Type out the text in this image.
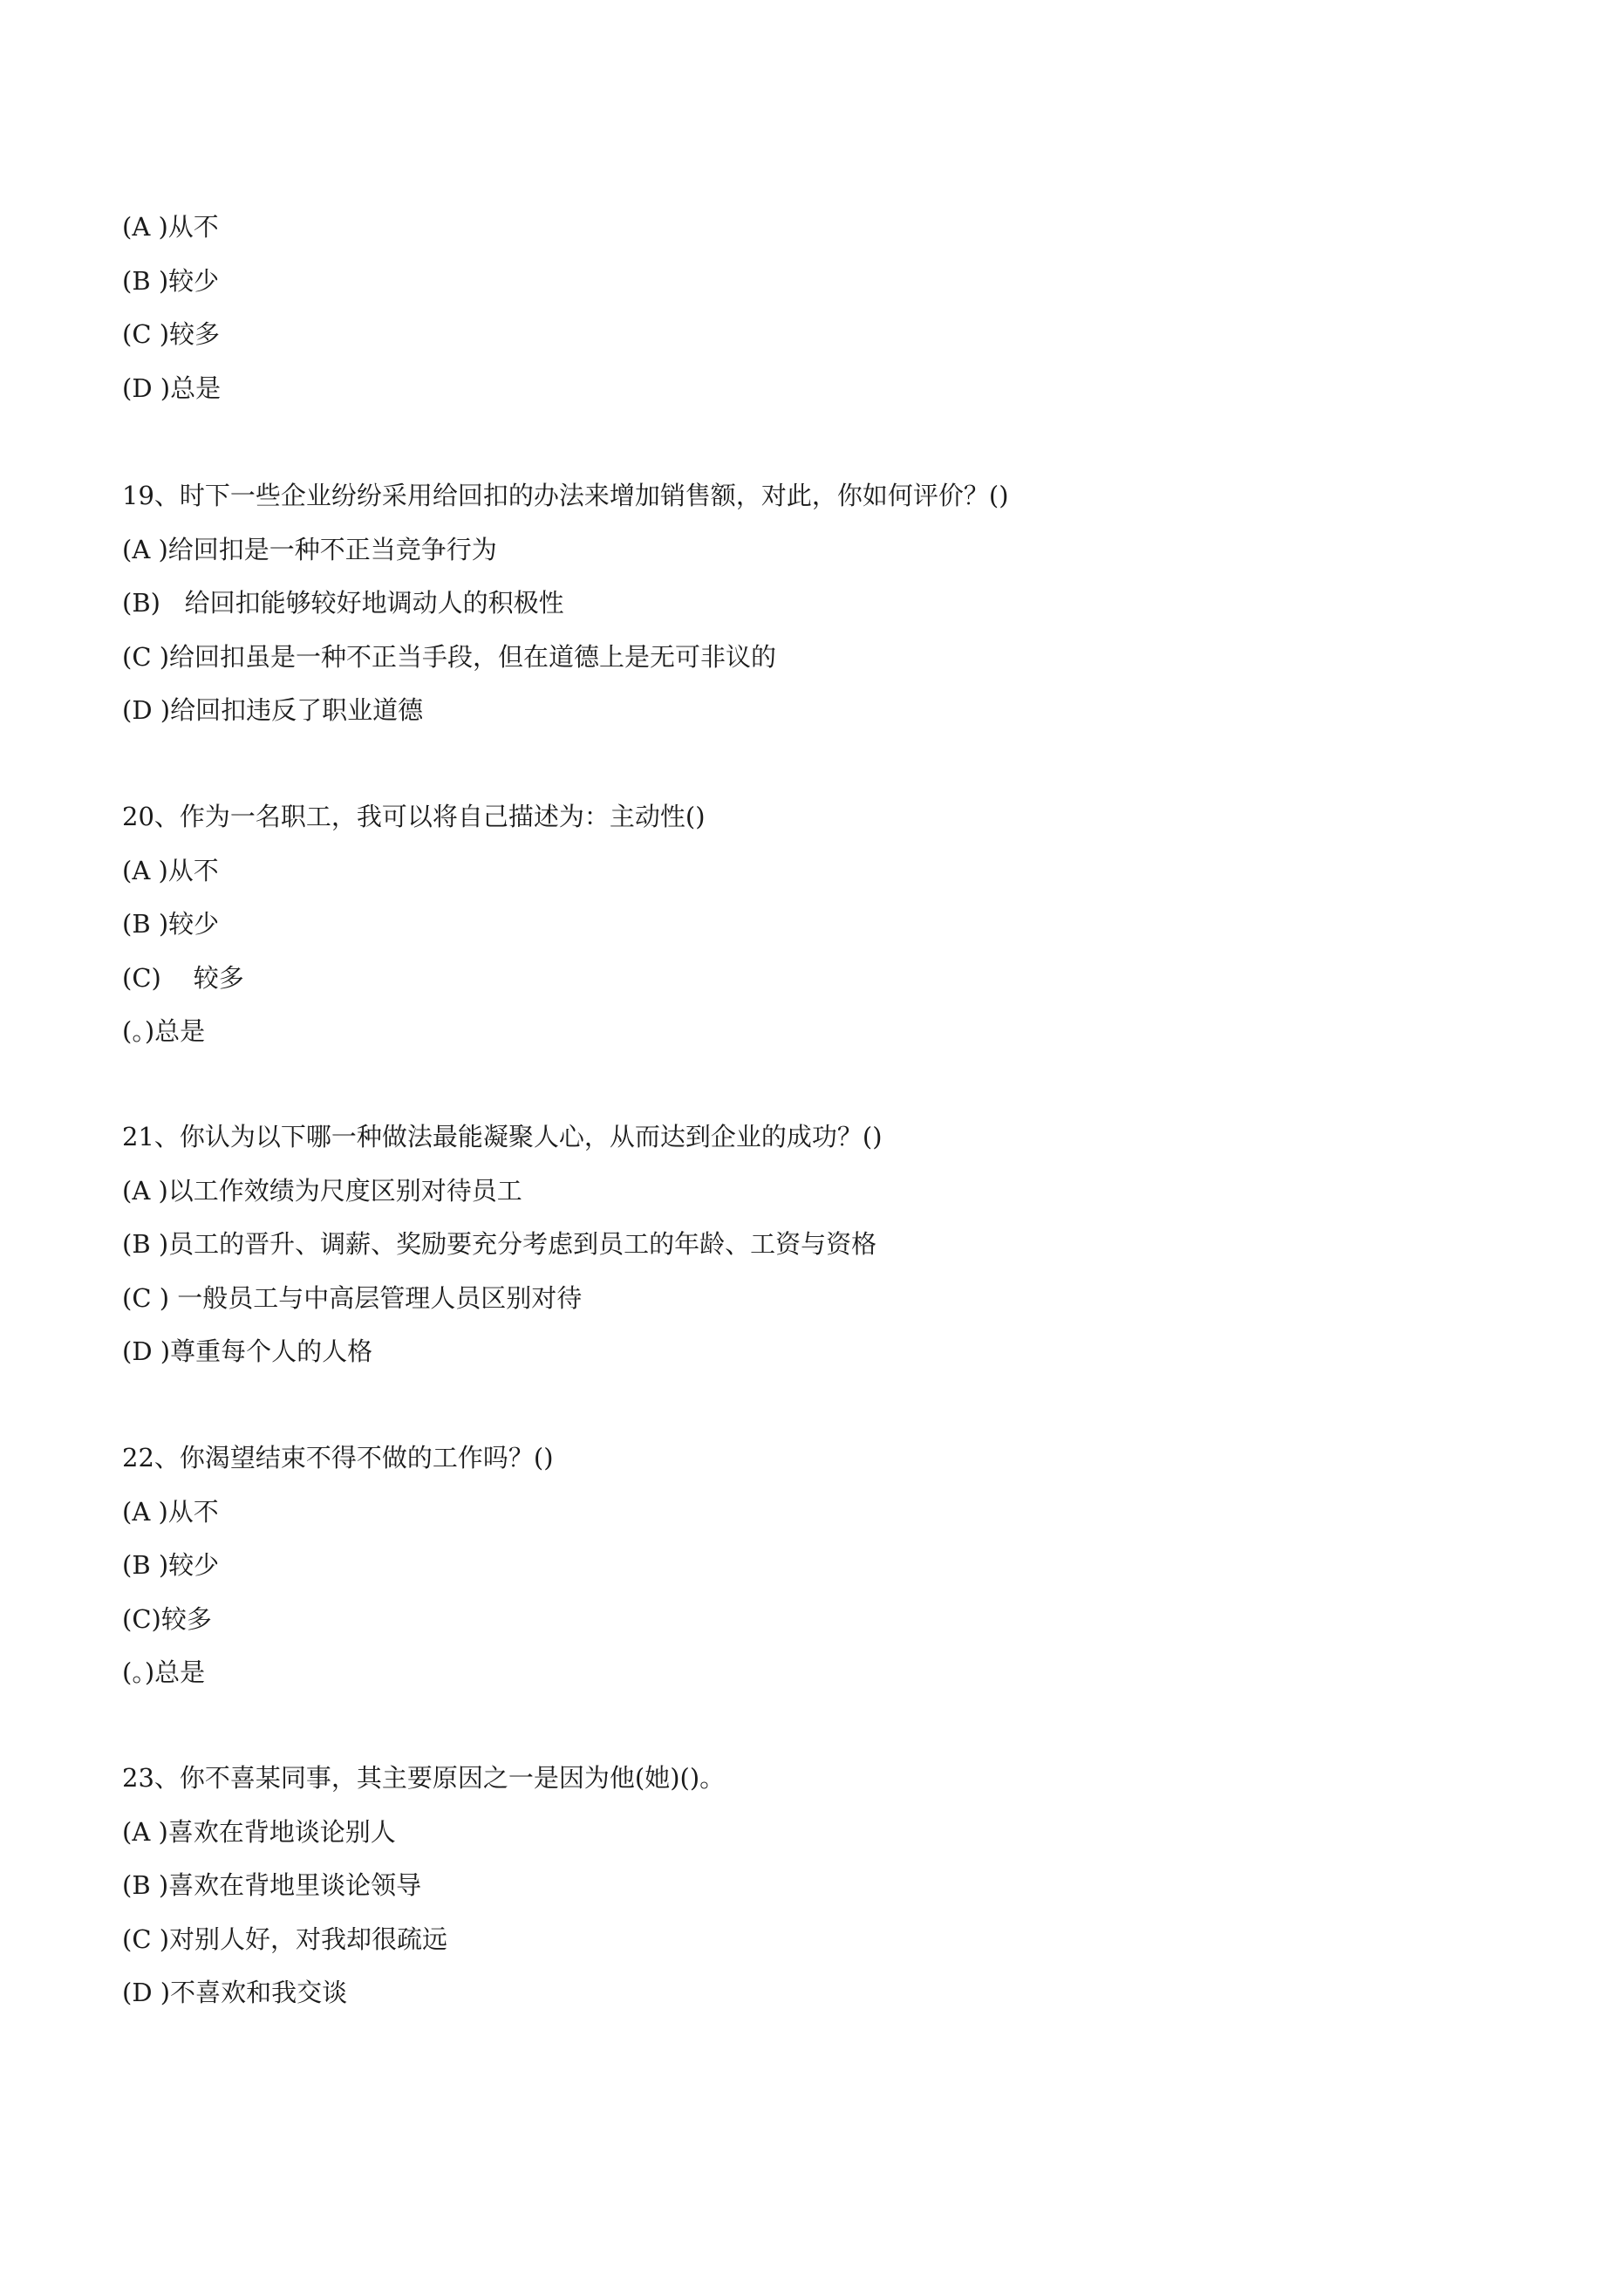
(A )从不
(B )较少
(C )较多
(D )总是
19、时下一些企业纷纷采用给回扣的办法来增加销售额，对此，你如何评价？()
(A )给回扣是一种不正当竞争行为
(B)   给回扣能够较好地调动人的积极性
(C )给回扣虽是一种不正当手段，但在道德上是无可非议的
(D )给回扣违反了职业道德
20、作为一名职工，我可以将自己描述为：主动性()
(A )从不
(B )较少
(C)    较多
(。)总是
21、你认为以下哪一种做法最能凝聚人心，从而达到企业的成功？()
(A )以工作效绩为尺度区别对待员工
(B )员工的晋升、调薪、奖励要充分考虑到员工的年龄、工资与资格
(C ) 一般员工与中高层管理人员区别对待
(D )尊重每个人的人格
22、你渴望结束不得不做的工作吗？()
(A )从不
(B )较少
(C)较多
(。)总是
23、你不喜某同事，其主要原因之一是因为他(她)()。
(A )喜欢在背地谈论别人
(B )喜欢在背地里谈论领导
(C )对别人好，对我却很疏远
(D )不喜欢和我交谈
